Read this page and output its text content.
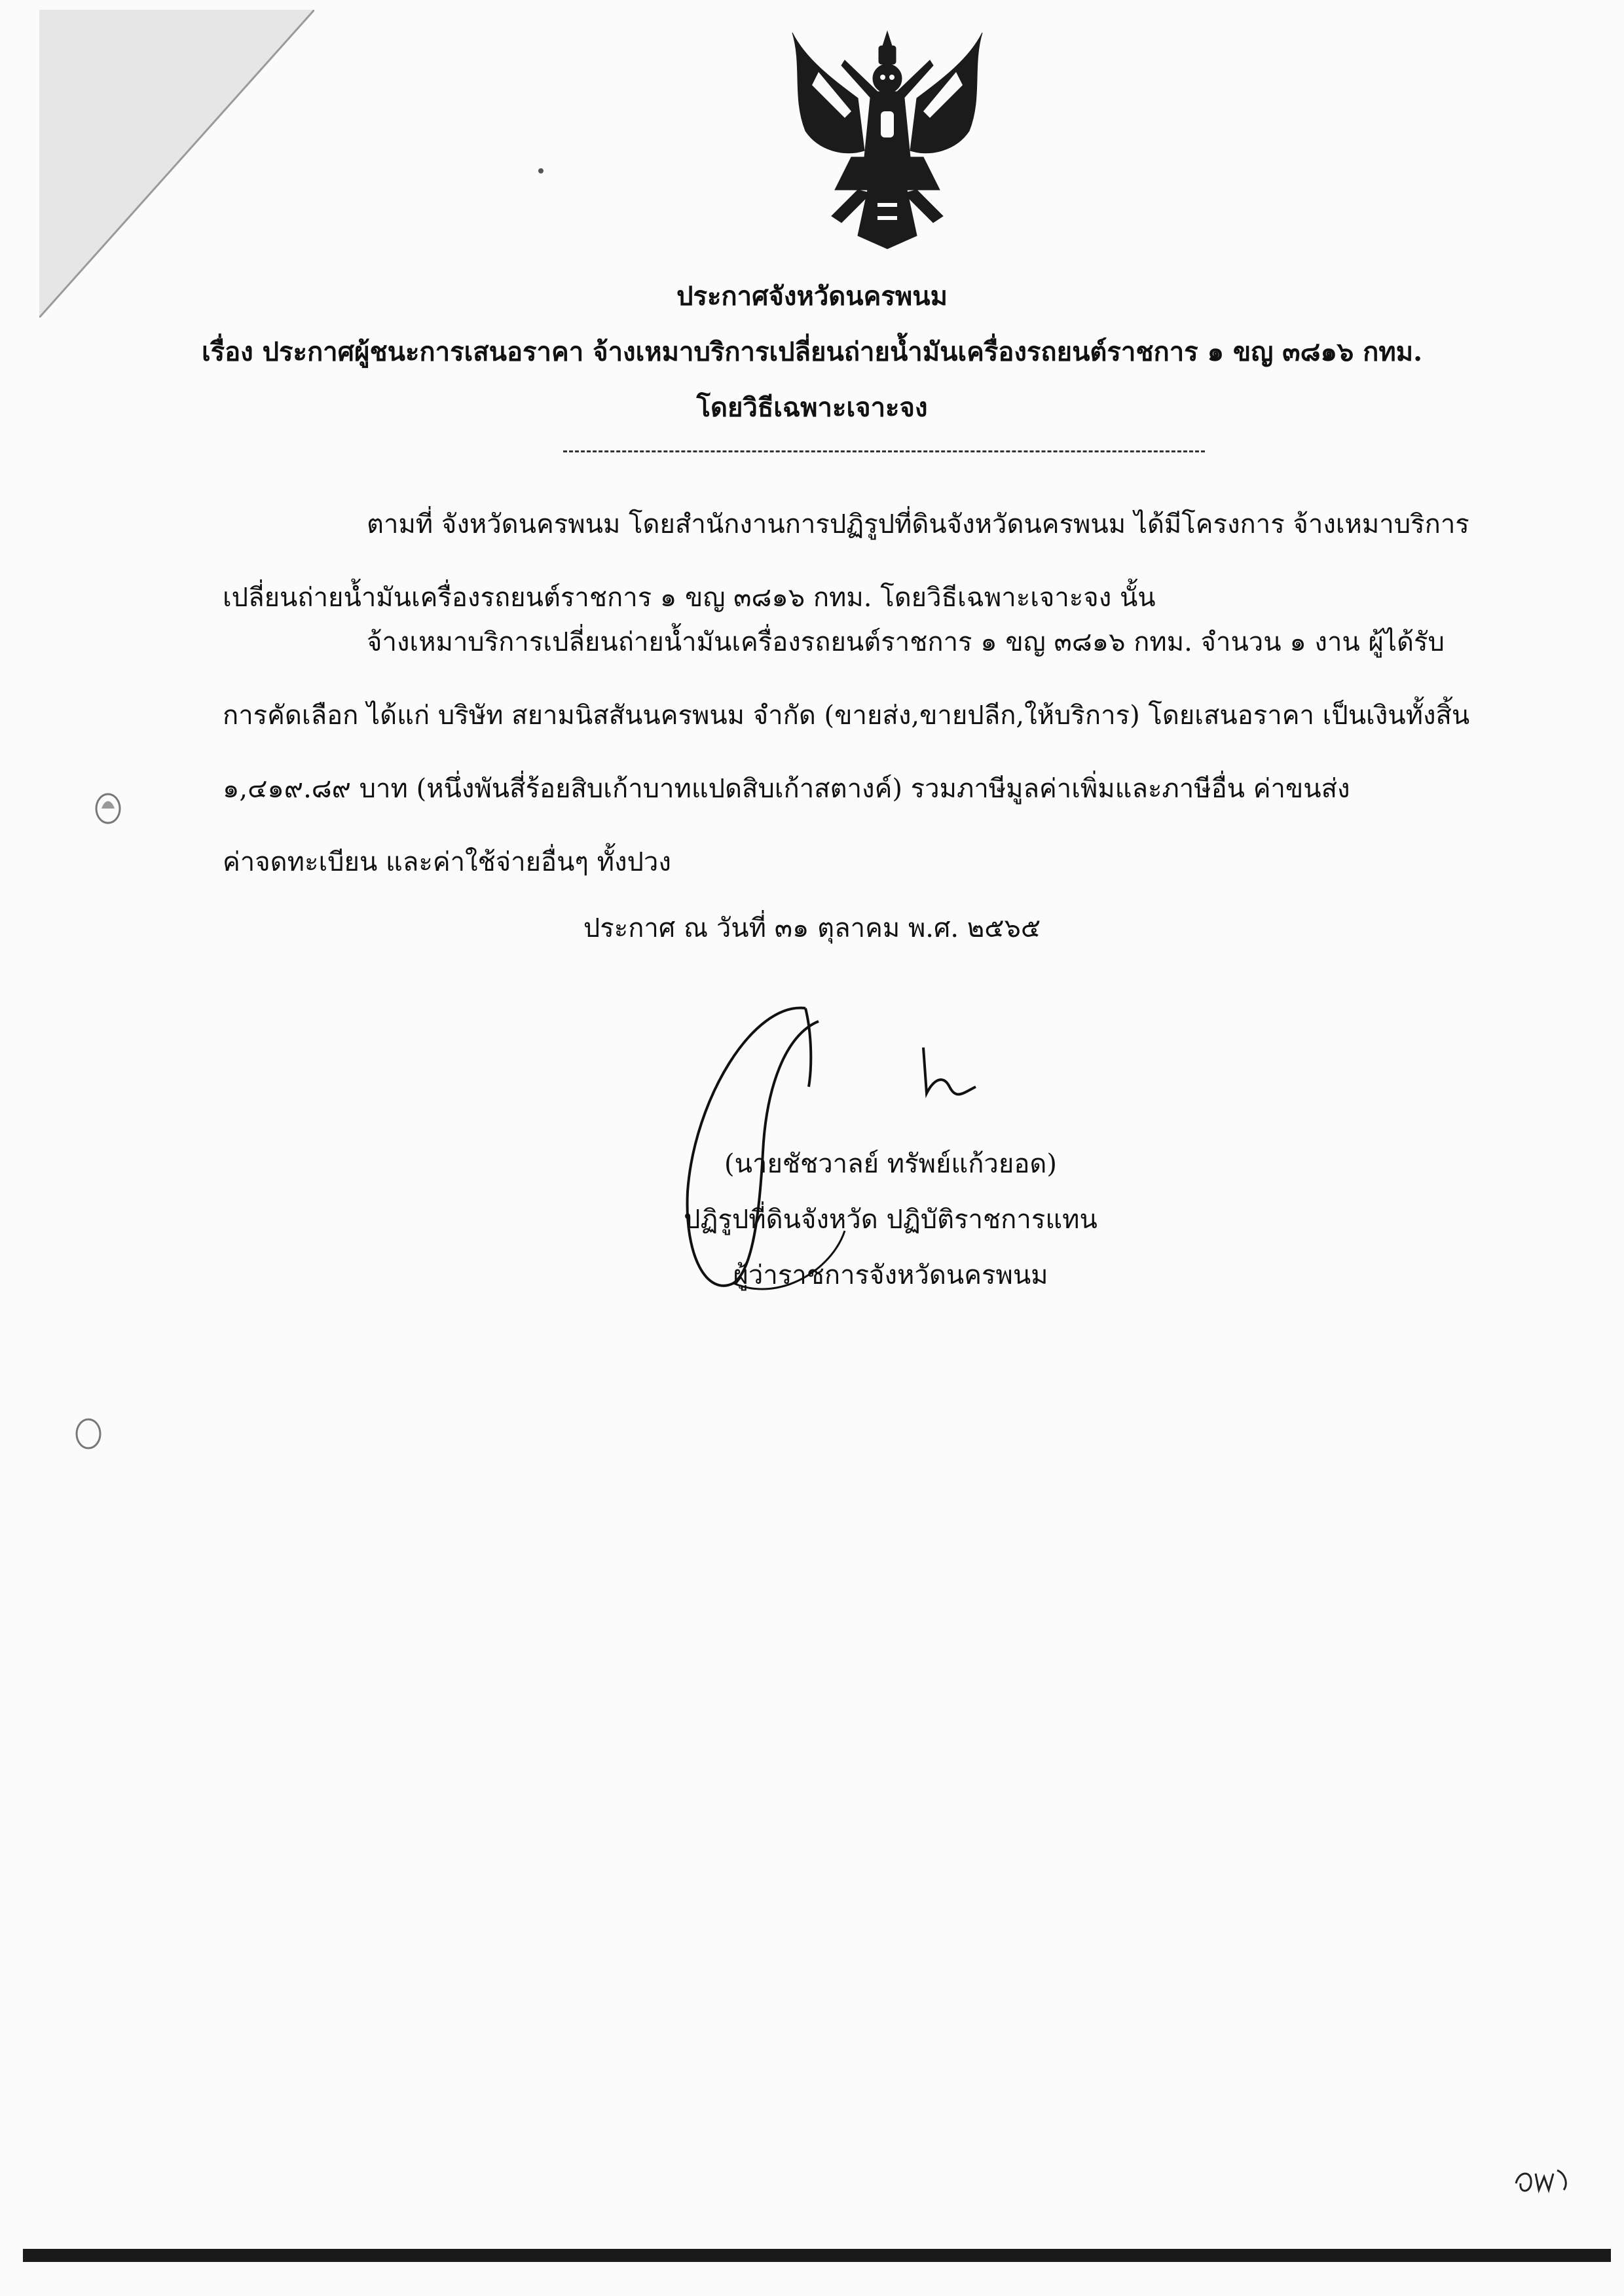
ประกาศจังหวัดนครพนม
เรื่อง ประกาศผู้ชนะการเสนอราคา จ้างเหมาบริการเปลี่ยนถ่ายน้ำมันเครื่องรถยนต์ราชการ ๑ ขญ ๓๘๑๖ กทม.
โดยวิธีเฉพาะเจาะจง

ตามที่ จังหวัดนครพนม โดยสำนักงานการปฏิรูปที่ดินจังหวัดนครพนม ได้มีโครงการ จ้างเหมาบริการ

เปลี่ยนถ่ายน้ำมันเครื่องรถยนต์ราชการ ๑ ขญ ๓๘๑๖ กทม. โดยวิธีเฉพาะเจาะจง นั้น

จ้างเหมาบริการเปลี่ยนถ่ายน้ำมันเครื่องรถยนต์ราชการ ๑ ขญ ๓๘๑๖ กทม. จำนวน ๑ งาน ผู้ได้รับ

การคัดเลือก ได้แก่ บริษัท สยามนิสสันนครพนม จำกัด (ขายส่ง,ขายปลีก,ให้บริการ) โดยเสนอราคา เป็นเงินทั้งสิ้น

๑,๔๑๙.๘๙ บาท (หนึ่งพันสี่ร้อยสิบเก้าบาทแปดสิบเก้าสตางค์) รวมภาษีมูลค่าเพิ่มและภาษีอื่น ค่าขนส่ง

ค่าจดทะเบียน และค่าใช้จ่ายอื่นๆ ทั้งปวง

ประกาศ ณ วันที่ ๓๑ ตุลาคม พ.ศ. ๒๕๖๕
(นายชัชวาลย์ ทรัพย์แก้วยอด)
ปฏิรูปที่ดินจังหวัด ปฏิบัติราชการแทน
ผู้ว่าราชการจังหวัดนครพนม
